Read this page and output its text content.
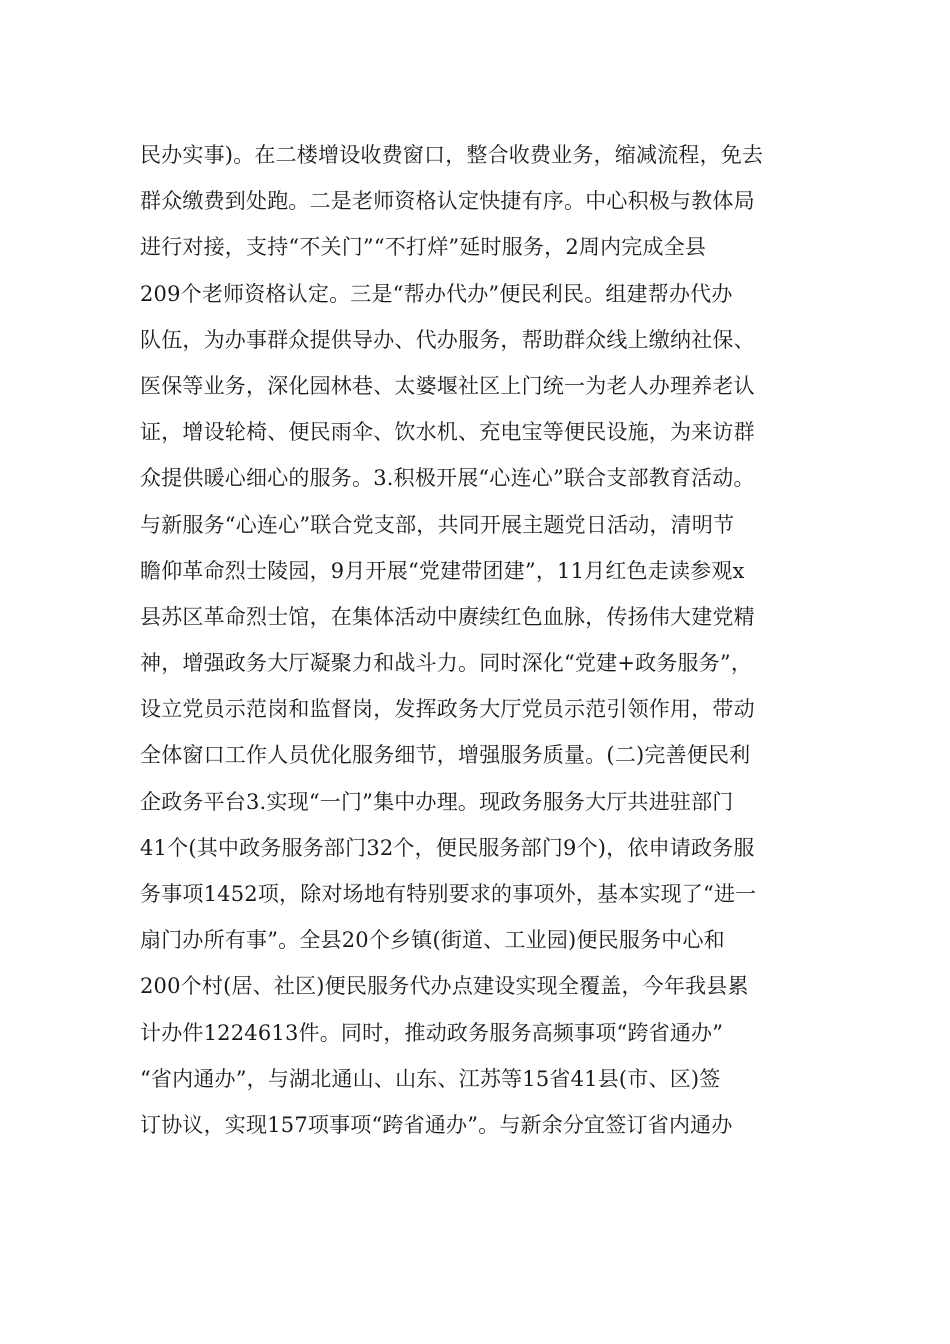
民办实事)。在二楼增设收费窗口，整合收费业务，缩减流程，免去
群众缴费到处跑。二是老师资格认定快捷有序。中心积极与教体局
进行对接，支持“不关门”“不打烊”延时服务，2周内完成全县
209个老师资格认定。三是“帮办代办”便民利民。组建帮办代办
队伍，为办事群众提供导办、代办服务，帮助群众线上缴纳社保、
医保等业务，深化园林巷、太婆堰社区上门统一为老人办理养老认
证，增设轮椅、便民雨伞、饮水机、充电宝等便民设施，为来访群
众提供暖心细心的服务。3.积极开展“心连心”联合支部教育活动。
与新服务“心连心”联合党支部，共同开展主题党日活动，清明节
瞻仰革命烈士陵园，9月开展“党建带团建”，11月红色走读参观x
县苏区革命烈士馆，在集体活动中赓续红色血脉，传扬伟大建党精
神，增强政务大厅凝聚力和战斗力。同时深化“党建+政务服务”，
设立党员示范岗和监督岗，发挥政务大厅党员示范引领作用，带动
全体窗口工作人员优化服务细节，增强服务质量。(二)完善便民利
企政务平台3.实现“一门”集中办理。现政务服务大厅共进驻部门
41个(其中政务服务部门32个，便民服务部门9个)，依申请政务服
务事项1452项，除对场地有特别要求的事项外，基本实现了“进一
扇门办所有事”。全县20个乡镇(街道、工业园)便民服务中心和
200个村(居、社区)便民服务代办点建设实现全覆盖，今年我县累
计办件1224613件。同时，推动政务服务高频事项“跨省通办”
“省内通办”，与湖北通山、山东、江苏等15省41县(市、区)签
订协议，实现157项事项“跨省通办”。与新余分宜签订省内通办
